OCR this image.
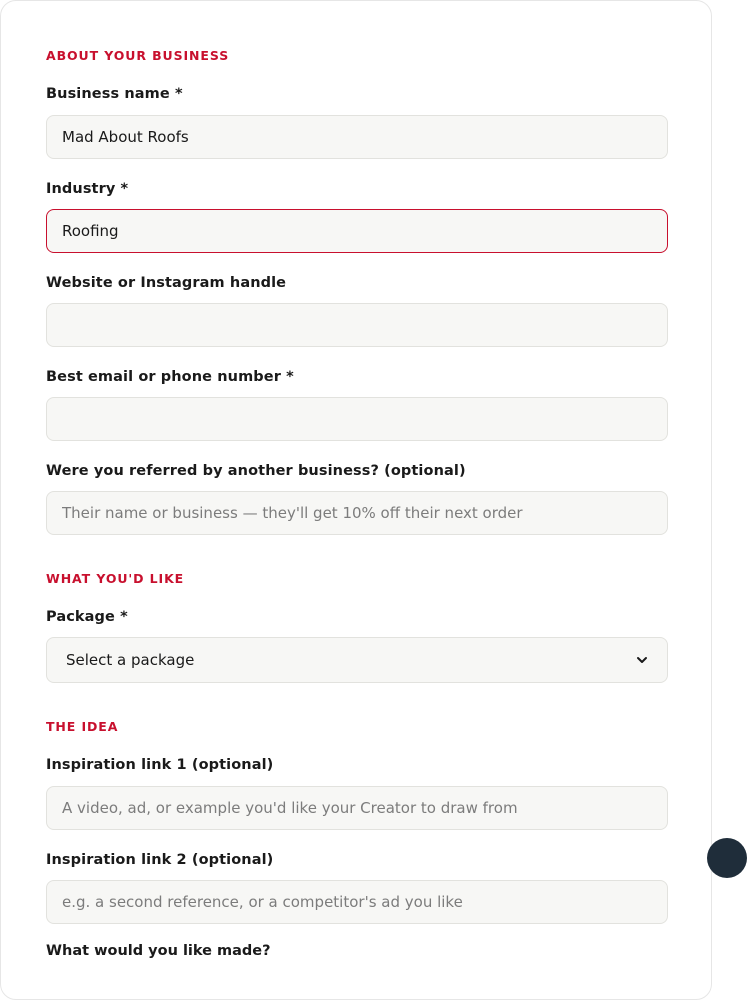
ABOUT YOUR BUSINESS
Business name *
Mad About Roofs
Industry *
Roofing
Website or Instagram handle
Best email or phone number *
Were you referred by another business? (optional)
Their name or business — they'll get 10% off their next order
WHAT YOU'D LIKE
Package *
Select a package
THE IDEA
Inspiration link 1 (optional)
A video, ad, or example you'd like your Creator to draw from
Inspiration link 2 (optional)
e.g. a second reference, or a competitor's ad you like
What would you like made?
